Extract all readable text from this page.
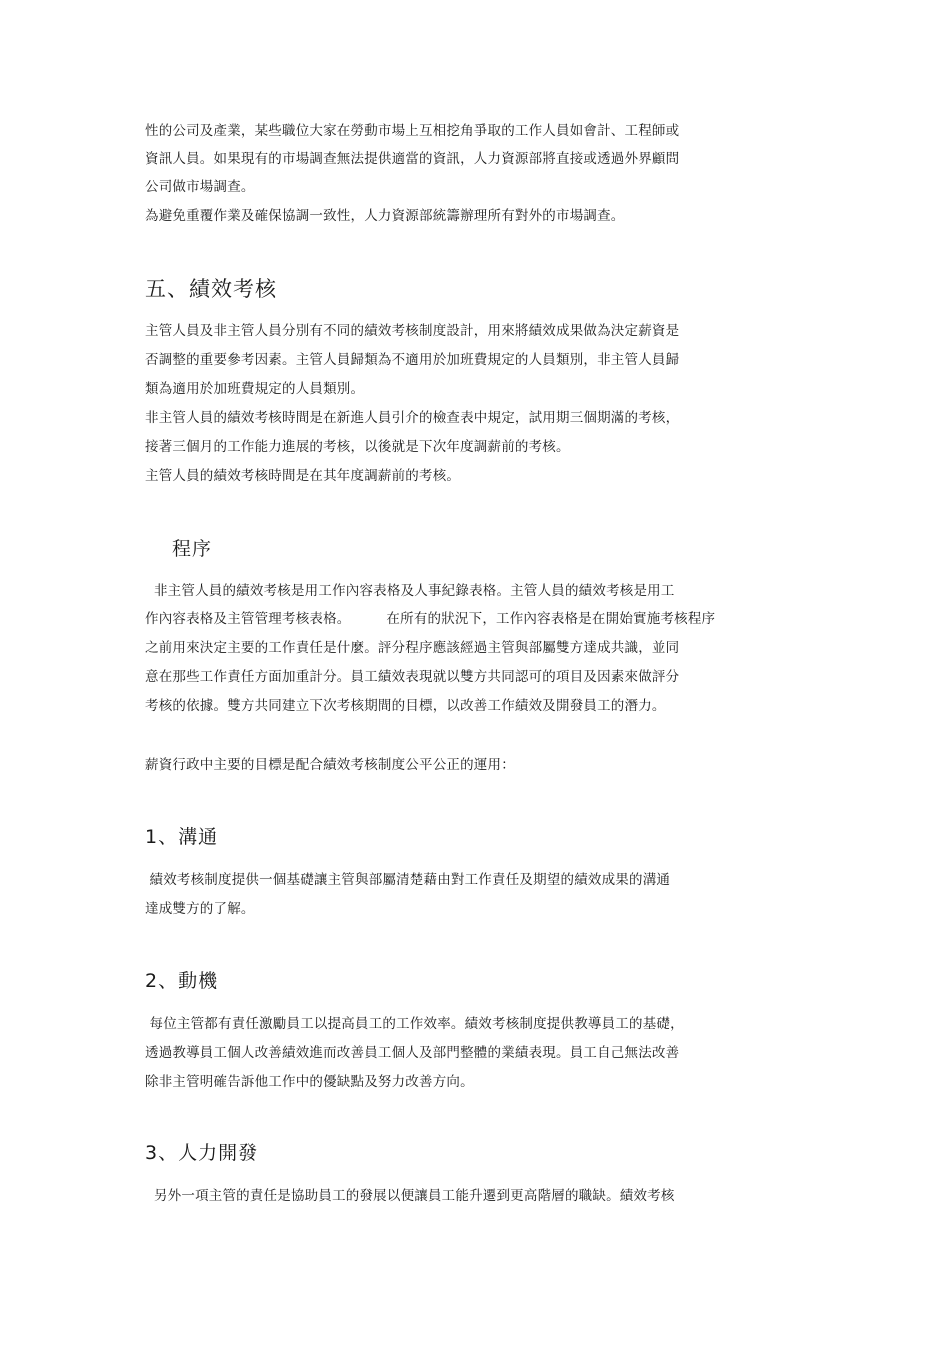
性的公司及產業，某些職位大家在勞動市場上互相挖角爭取的工作人員如會計、工程師或
資訊人員。如果現有的市場調查無法提供適當的資訊，人力資源部將直接或透過外界顧問
公司做市場調查。
為避免重覆作業及確保協調一致性，人力資源部統籌辦理所有對外的市場調查。
五、績效考核
主管人員及非主管人員分別有不同的績效考核制度設計，用來將績效成果做為決定薪資是
否調整的重要參考因素。主管人員歸類為不適用於加班費規定的人員類別，非主管人員歸
類為適用於加班費規定的人員類別。
非主管人員的績效考核時間是在新進人員引介的檢查表中規定，試用期三個期滿的考核，
接著三個月的工作能力進展的考核，以後就是下次年度調薪前的考核。
主管人員的績效考核時間是在其年度調薪前的考核。
程序
非主管人員的績效考核是用工作內容表格及人事紀錄表格。主管人員的績效考核是用工
作內容表格及主管管理考核表格。        在所有的狀況下，工作內容表格是在開始實施考核程序
之前用來決定主要的工作責任是什麼。評分程序應該經過主管與部屬雙方達成共識，並同
意在那些工作責任方面加重計分。員工績效表現就以雙方共同認可的項目及因素來做評分
考核的依據。雙方共同建立下次考核期間的目標，以改善工作績效及開發員工的潛力。
薪資行政中主要的目標是配合績效考核制度公平公正的運用：
1、溝通
績效考核制度提供一個基礎讓主管與部屬清楚藉由對工作責任及期望的績效成果的溝通
達成雙方的了解。
2、動機
每位主管都有責任激勵員工以提高員工的工作效率。績效考核制度提供教導員工的基礎，
透過教導員工個人改善績效進而改善員工個人及部門整體的業績表現。員工自己無法改善
除非主管明確告訴他工作中的優缺點及努力改善方向。
3、人力開發
另外一項主管的責任是協助員工的發展以便讓員工能升遷到更高階層的職缺。績效考核
